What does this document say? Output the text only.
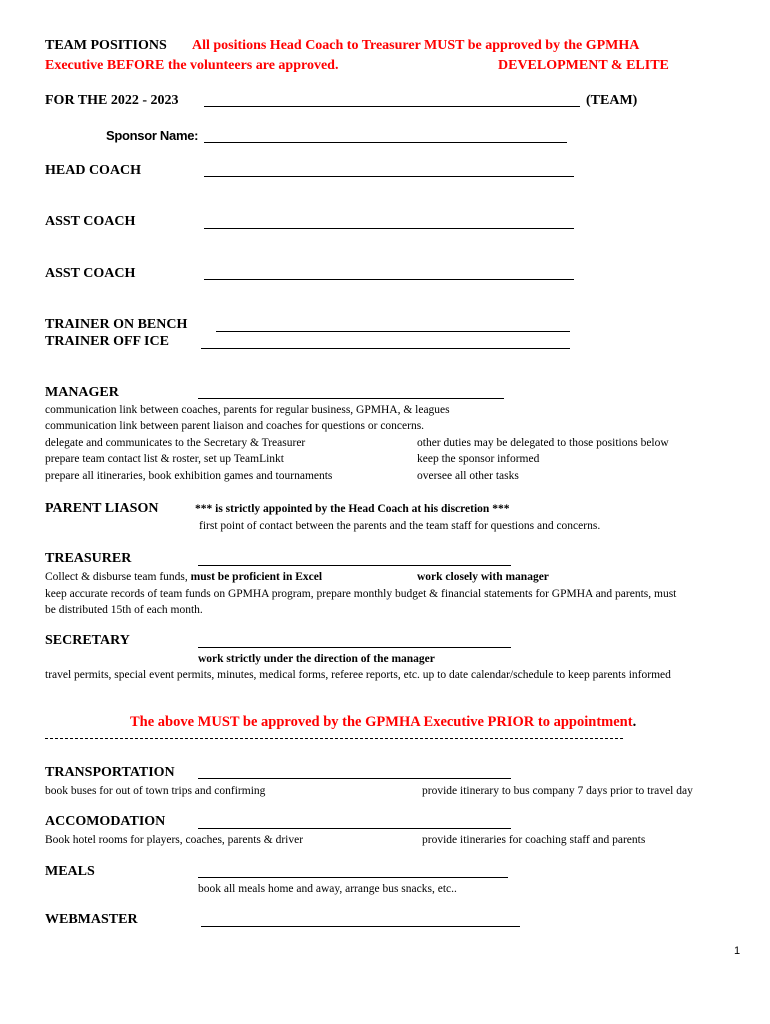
TEAM POSITIONS All positions Head Coach to Treasurer MUST be approved by the GPMHA
Executive BEFORE the volunteers are approved.	DEVELOPMENT & ELITE
FOR THE 2022 - 2023	(TEAM)
Sponsor Name:
HEAD COACH
ASST COACH
ASST COACH
TRAINER ON BENCH
TRAINER OFF ICE
MANAGER
communication link between coaches, parents for regular business, GPMHA, & leagues
communication link between parent liaison and coaches for questions or concerns.
delegate and communicates to the Secretary & Treasurer	other duties may be delegated to those positions below
prepare team contact list & roster, set up TeamLinkt	keep the sponsor informed
prepare all itineraries, book exhibition games and tournaments	oversee all other tasks
PARENT LIASON	*** is strictly appointed by the Head Coach at his discretion ***
first point of contact between the parents and the team staff for questions and concerns.
TREASURER
Collect & disburse team funds, must be proficient in Excel	work closely with manager
keep accurate records of team funds on GPMHA program, prepare monthly budget & financial statements for GPMHA and parents, must
be distributed 15th of each month.
SECRETARY
work strictly under the direction of the manager
travel permits, special event permits, minutes, medical forms, referee reports, etc. up to date calendar/schedule to keep parents informed
The above MUST be approved by the GPMHA Executive PRIOR to appointment.
TRANSPORTATION
book buses for out of town trips and confirming	provide itinerary to bus company 7 days prior to travel day
ACCOMODATION
Book hotel rooms for players, coaches, parents & driver	provide itineraries for coaching staff and parents
MEALS
book all meals home and away, arrange bus snacks, etc..
WEBMASTER
1
